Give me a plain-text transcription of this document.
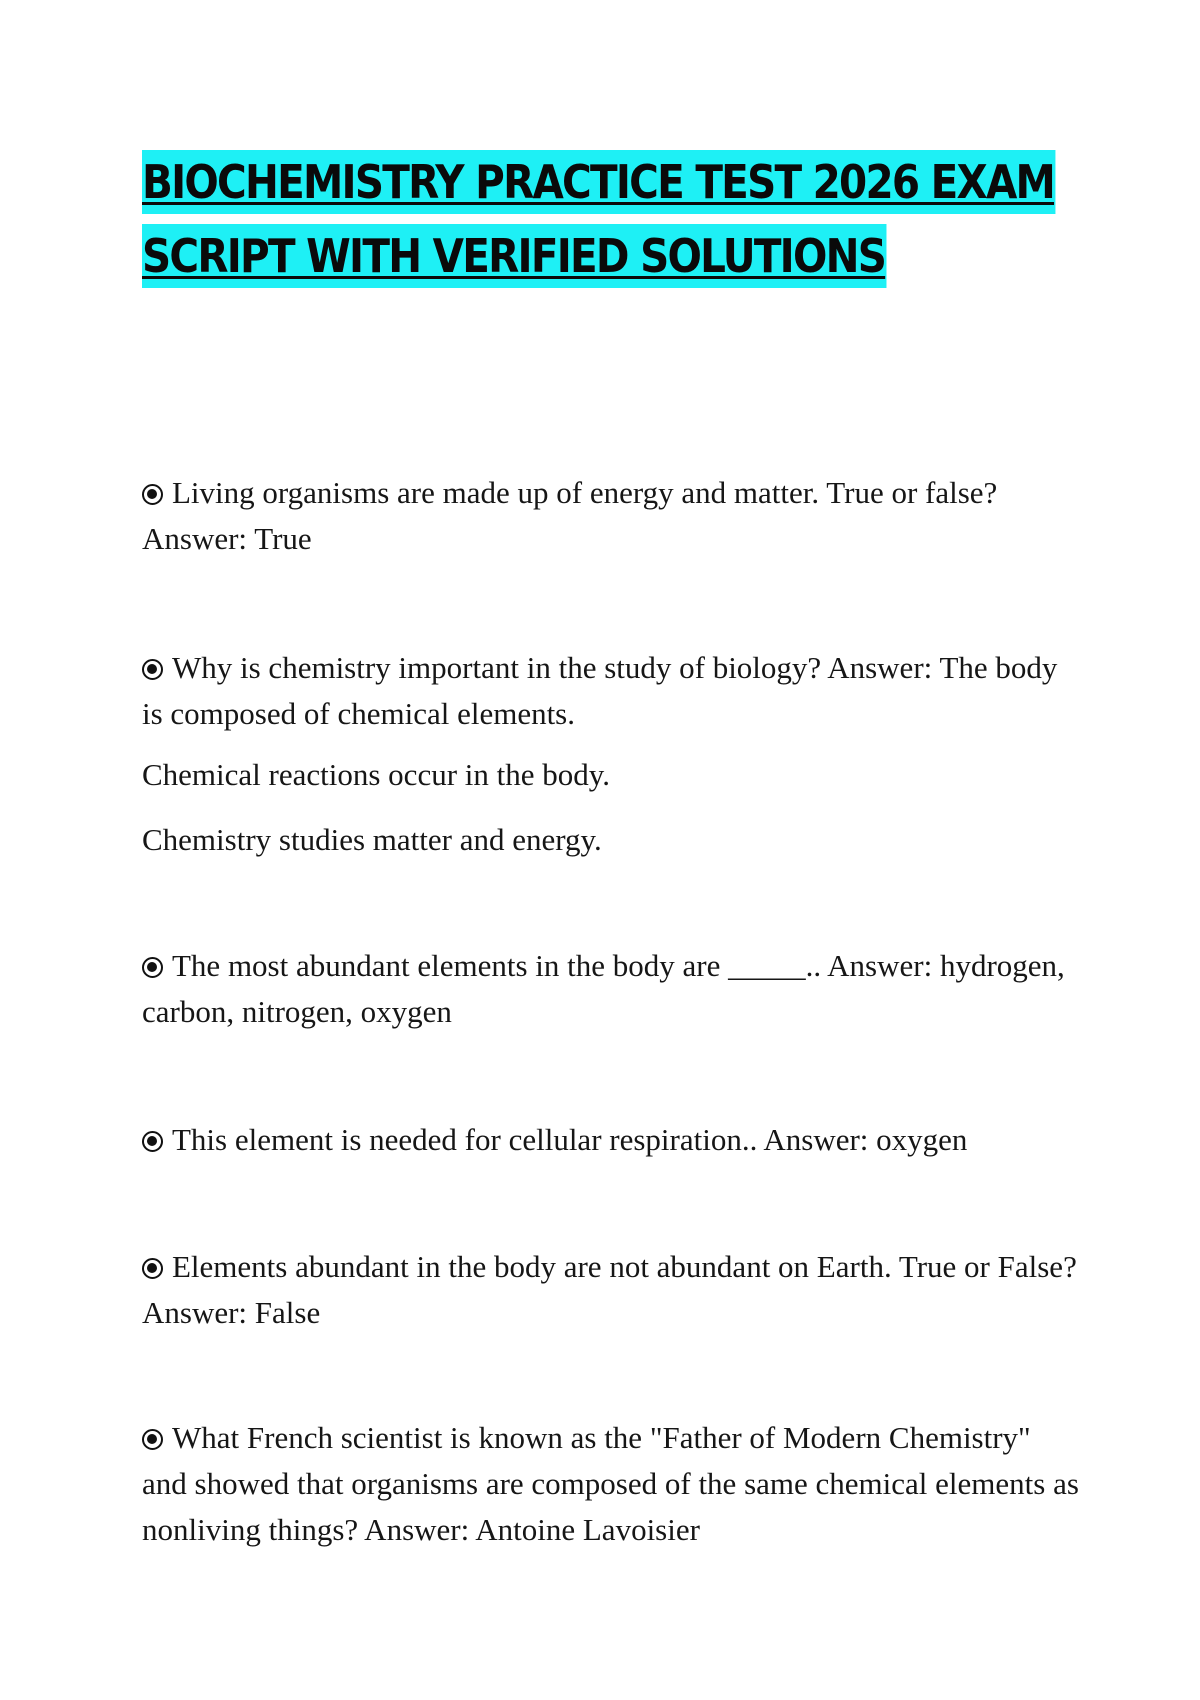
BIOCHEMISTRY PRACTICE TEST 2026 EXAM
SCRIPT WITH VERIFIED SOLUTIONS

Living organisms are made up of energy and matter. True or false? Answer: True

Why is chemistry important in the study of biology? Answer: The body is composed of chemical elements.

Chemical reactions occur in the body.

Chemistry studies matter and energy.

The most abundant elements in the body are _____.. Answer: hydrogen, carbon, nitrogen, oxygen

This element is needed for cellular respiration.. Answer: oxygen

Elements abundant in the body are not abundant on Earth. True or False? Answer: False

What French scientist is known as the "Father of Modern Chemistry" and showed that organisms are composed of the same chemical elements as nonliving things? Answer: Antoine Lavoisier
